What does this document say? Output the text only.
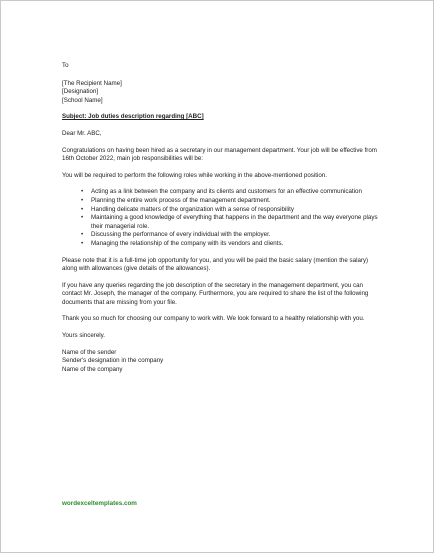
To
[The Recipient Name]
[Designation]
[School Name]
Subject: Job duties description regarding [ABC]
Dear Mr. ABC,

Congratulations on having been hired as a secretary in our management department. Your job will be effective from 16th October 2022, main job responsibilities will be:

You will be required to perform the following roles while working in the above-mentioned position.

• Acting as a link between the company and its clients and customers for an effective communication
• Planning the entire work process of the management department.
• Handling delicate matters of the organization with a sense of responsibility
• Maintaining a good knowledge of everything that happens in the department and the way everyone plays their managerial role.
• Discussing the performance of every individual with the employer.
• Managing the relationship of the company with its vendors and clients.

Please note that it is a full-time job opportunity for you, and you will be paid the basic salary (mention the salary) along with allowances (give details of the allowances).

If you have any queries regarding the job description of the secretary in the management department, you can contact Mr. Joseph, the manager of the company. Furthermore, you are required to share the list of the following documents that are missing from your file.

Thank you so much for choosing our company to work with. We look forward to a healthy relationship with you.

Yours sincerely.
Name of the sender
Sender's designation in the company
Name of the company
wordexceltemplates.com
